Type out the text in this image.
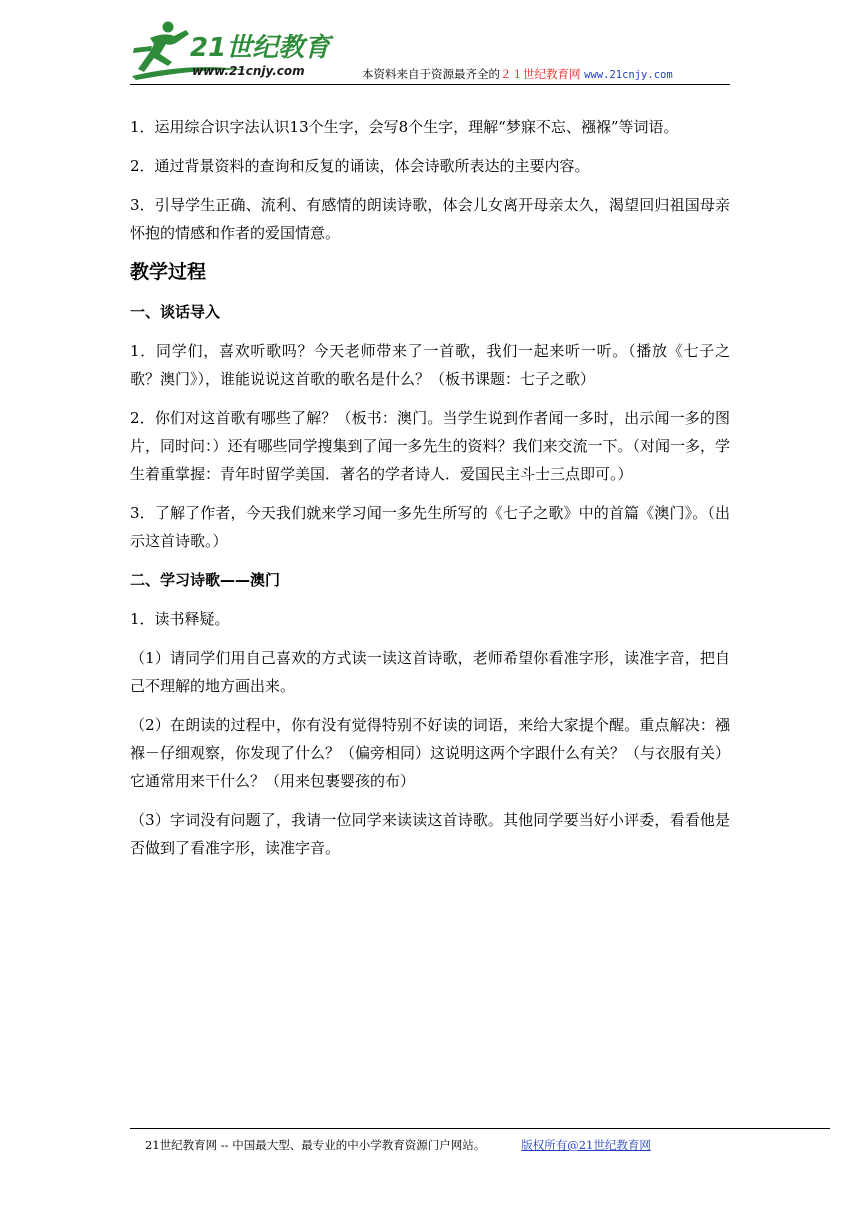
21世纪教育
www.21cnjy.com	本资料来自于资源最齐全的２１世纪教育网 www.21cnjy.com

1．运用综合识字法认识13个生字，会写8个生字，理解“梦寐不忘、襁褓”等词语。

2．通过背景资料的查询和反复的诵读，体会诗歌所表达的主要内容。

3．引导学生正确、流利、有感情的朗读诗歌，体会儿女离开母亲太久，渴望回归祖国母亲怀抱的情感和作者的爱国情意。

教学过程
一、谈话导入

1．同学们，喜欢听歌吗？今天老师带来了一首歌，我们一起来听一听。（播放《七子之歌？澳门》），谁能说说这首歌的歌名是什么？（板书课题：七子之歌）

2．你们对这首歌有哪些了解？（板书：澳门。当学生说到作者闻一多时，出示闻一多的图片，同时问：）还有哪些同学搜集到了闻一多先生的资料？我们来交流一下。（对闻一多，学生着重掌握：青年时留学美国．著名的学者诗人．爱国民主斗士三点即可。）

3．了解了作者，今天我们就来学习闻一多先生所写的《七子之歌》中的首篇《澳门》。（出示这首诗歌。）

二、学习诗歌——澳门

1．读书释疑。

（1）请同学们用自己喜欢的方式读一读这首诗歌，老师希望你看准字形，读准字音，把自己不理解的地方画出来。

（2）在朗读的过程中，你有没有觉得特别不好读的词语，来给大家提个醒。重点解决：襁褓－仔细观察，你发现了什么？（偏旁相同）这说明这两个字跟什么有关？（与衣服有关）它通常用来干什么？（用来包裹婴孩的布）

（3）字词没有问题了，我请一位同学来读读这首诗歌。其他同学要当好小评委，看看他是否做到了看准字形，读准字音。

21世纪教育网 -- 中国最大型、最专业的中小学教育资源门户网站。	版权所有@21世纪教育网
